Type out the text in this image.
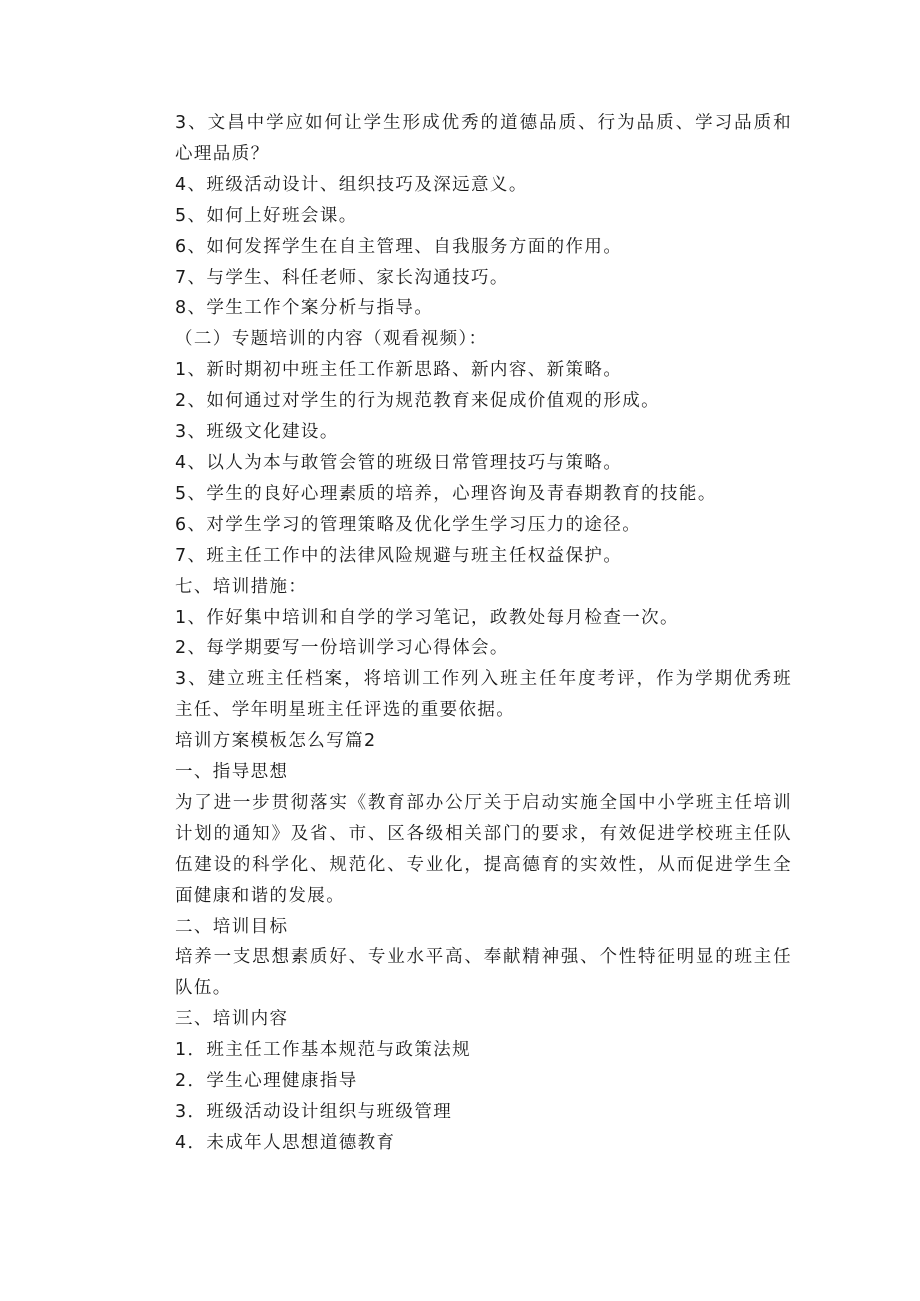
3、文昌中学应如何让学生形成优秀的道德品质、行为品质、学习品质和心理品质？

4、班级活动设计、组织技巧及深远意义。

5、如何上好班会课。

6、如何发挥学生在自主管理、自我服务方面的作用。

7、与学生、科任老师、家长沟通技巧。

8、学生工作个案分析与指导。

（二）专题培训的内容（观看视频）：

1、新时期初中班主任工作新思路、新内容、新策略。

2、如何通过对学生的行为规范教育来促成价值观的形成。

3、班级文化建设。

4、以人为本与敢管会管的班级日常管理技巧与策略。

5、学生的良好心理素质的培养，心理咨询及青春期教育的技能。

6、对学生学习的管理策略及优化学生学习压力的途径。

7、班主任工作中的法律风险规避与班主任权益保护。

七、培训措施：

1、作好集中培训和自学的学习笔记，政教处每月检查一次。

2、每学期要写一份培训学习心得体会。

3、建立班主任档案，将培训工作列入班主任年度考评，作为学期优秀班主任、学年明星班主任评选的重要依据。

培训方案模板怎么写篇2

一、指导思想

为了进一步贯彻落实《教育部办公厅关于启动实施全国中小学班主任培训计划的通知》及省、市、区各级相关部门的要求，有效促进学校班主任队伍建设的科学化、规范化、专业化，提高德育的实效性，从而促进学生全面健康和谐的发展。

二、培训目标

培养一支思想素质好、专业水平高、奉献精神强、个性特征明显的班主任队伍。

三、培训内容

1．班主任工作基本规范与政策法规

2．学生心理健康指导

3．班级活动设计组织与班级管理

4．未成年人思想道德教育
